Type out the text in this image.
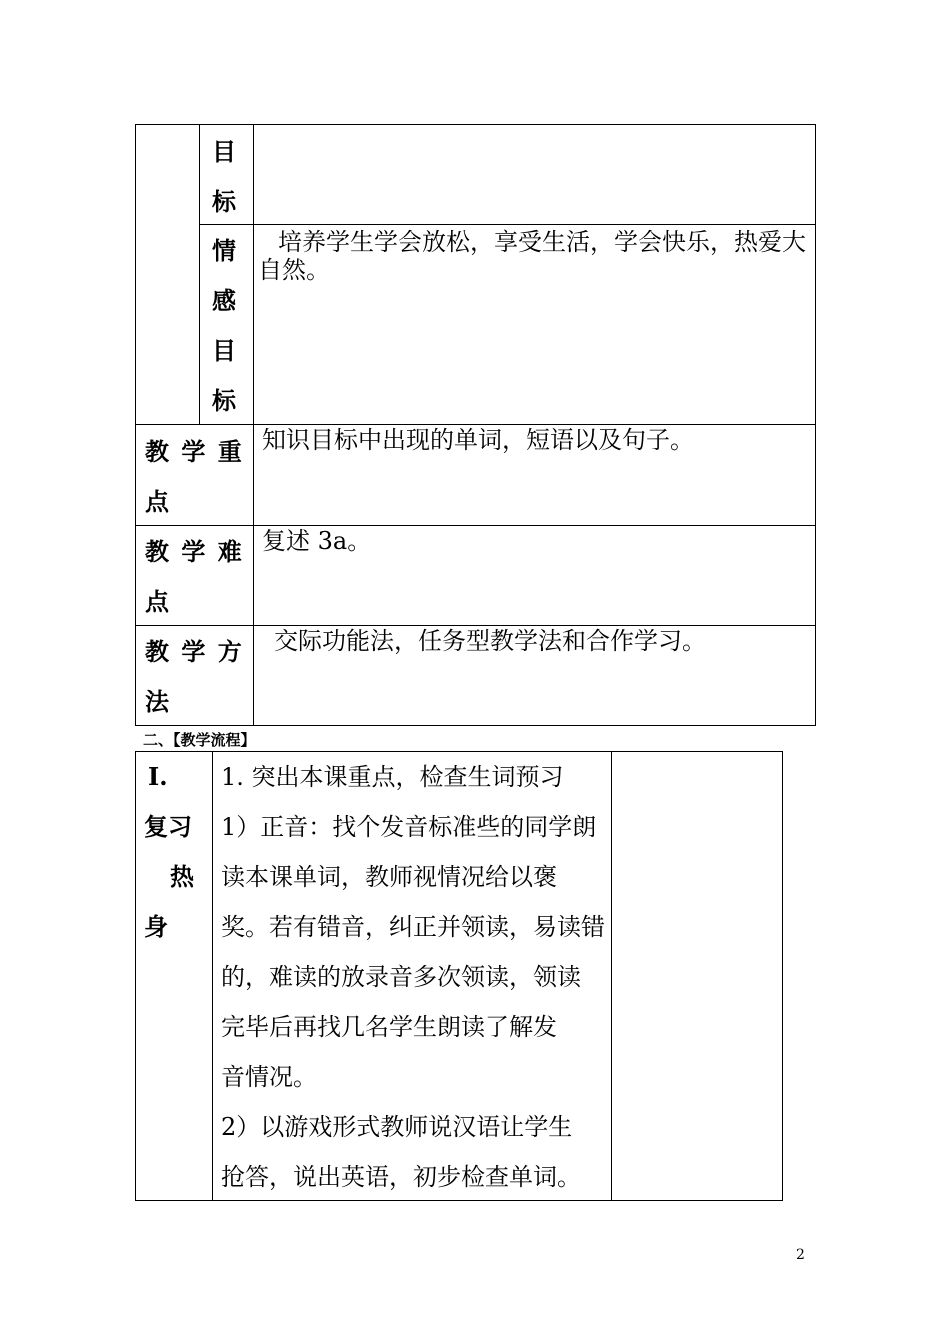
目
标
情
感
目
标
培养学生学会放松，享受生活，学会快乐，热爱大自然。
教 学 重
点
知识目标中出现的单词，短语以及句子。
教 学 难
点
复述 3a。
教 学 方
法
交际功能法，任务型教学法和合作学习。
二、【教学流程】
Ⅰ.
复习
热
身
1. 突出本课重点，检查生词预习
1）正音：找个发音标准些的同学朗
读本课单词，教师视情况给以褒
奖。若有错音，纠正并领读，易读错
的，难读的放录音多次领读，领读
完毕后再找几名学生朗读了解发
音情况。
2）以游戏形式教师说汉语让学生
抢答，说出英语，初步检查单词。
2
